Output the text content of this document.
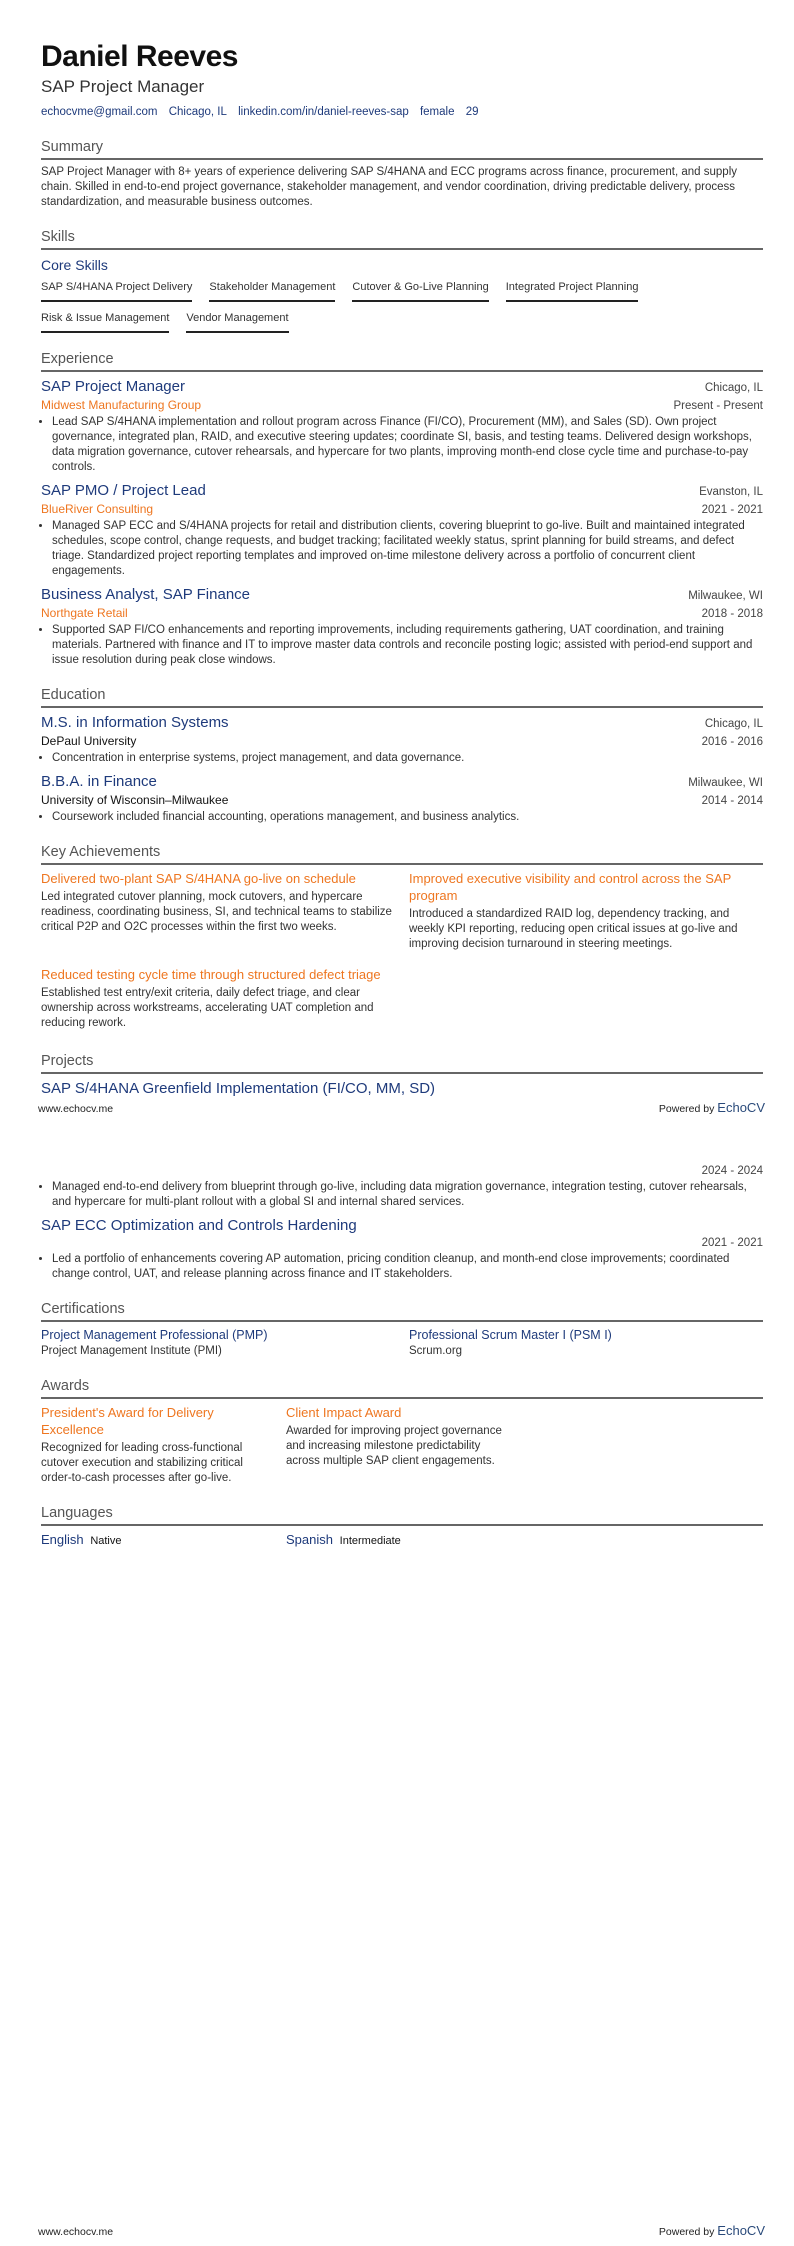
Daniel Reeves
SAP Project Manager
echocvme@gmail.com Chicago, IL linkedin.com/in/daniel-reeves-sap female 29
Summary
SAP Project Manager with 8+ years of experience delivering SAP S/4HANA and ECC programs across finance, procurement, and supply chain. Skilled in end-to-end project governance, stakeholder management, and vendor coordination, driving predictable delivery, process standardization, and measurable business outcomes.
Skills
Core Skills
SAP S/4HANA Project Delivery Stakeholder Management Cutover & Go-Live Planning Integrated Project Planning
Risk & Issue Management Vendor Management
Experience
SAP Project Manager	Chicago, IL
Midwest Manufacturing Group	Present - Present
• Lead SAP S/4HANA implementation and rollout program across Finance (FI/CO), Procurement (MM), and Sales (SD). Own project governance, integrated plan, RAID, and executive steering updates; coordinate SI, basis, and testing teams. Delivered design workshops, data migration governance, cutover rehearsals, and hypercare for two plants, improving month-end close cycle time and purchase-to-pay controls.
SAP PMO / Project Lead	Evanston, IL
BlueRiver Consulting	2021 - 2021
• Managed SAP ECC and S/4HANA projects for retail and distribution clients, covering blueprint to go-live. Built and maintained integrated schedules, scope control, change requests, and budget tracking; facilitated weekly status, sprint planning for build streams, and defect triage. Standardized project reporting templates and improved on-time milestone delivery across a portfolio of concurrent client engagements.
Business Analyst, SAP Finance	Milwaukee, WI
Northgate Retail	2018 - 2018
• Supported SAP FI/CO enhancements and reporting improvements, including requirements gathering, UAT coordination, and training materials. Partnered with finance and IT to improve master data controls and reconcile posting logic; assisted with period-end support and issue resolution during peak close windows.
Education
M.S. in Information Systems	Chicago, IL
DePaul University	2016 - 2016
• Concentration in enterprise systems, project management, and data governance.
B.B.A. in Finance	Milwaukee, WI
University of Wisconsin–Milwaukee	2014 - 2014
• Coursework included financial accounting, operations management, and business analytics.
Key Achievements
Delivered two-plant SAP S/4HANA go-live on schedule
Led integrated cutover planning, mock cutovers, and hypercare readiness, coordinating business, SI, and technical teams to stabilize critical P2P and O2C processes within the first two weeks.
Improved executive visibility and control across the SAP program
Introduced a standardized RAID log, dependency tracking, and weekly KPI reporting, reducing open critical issues at go-live and improving decision turnaround in steering meetings.
Reduced testing cycle time through structured defect triage
Established test entry/exit criteria, daily defect triage, and clear ownership across workstreams, accelerating UAT completion and reducing rework.
Projects
SAP S/4HANA Greenfield Implementation (FI/CO, MM, SD)
www.echocv.me	Powered by EchoCV
2024 - 2024
• Managed end-to-end delivery from blueprint through go-live, including data migration governance, integration testing, cutover rehearsals, and hypercare for multi-plant rollout with a global SI and internal shared services.
SAP ECC Optimization and Controls Hardening
2021 - 2021
• Led a portfolio of enhancements covering AP automation, pricing condition cleanup, and month-end close improvements; coordinated change control, UAT, and release planning across finance and IT stakeholders.
Certifications
Project Management Professional (PMP)
Project Management Institute (PMI)
Professional Scrum Master I (PSM I)
Scrum.org
Awards
President's Award for Delivery Excellence
Recognized for leading cross-functional cutover execution and stabilizing critical order-to-cash processes after go-live.
Client Impact Award
Awarded for improving project governance and increasing milestone predictability across multiple SAP client engagements.
Languages
English Native	Spanish Intermediate
www.echocv.me	Powered by EchoCV
